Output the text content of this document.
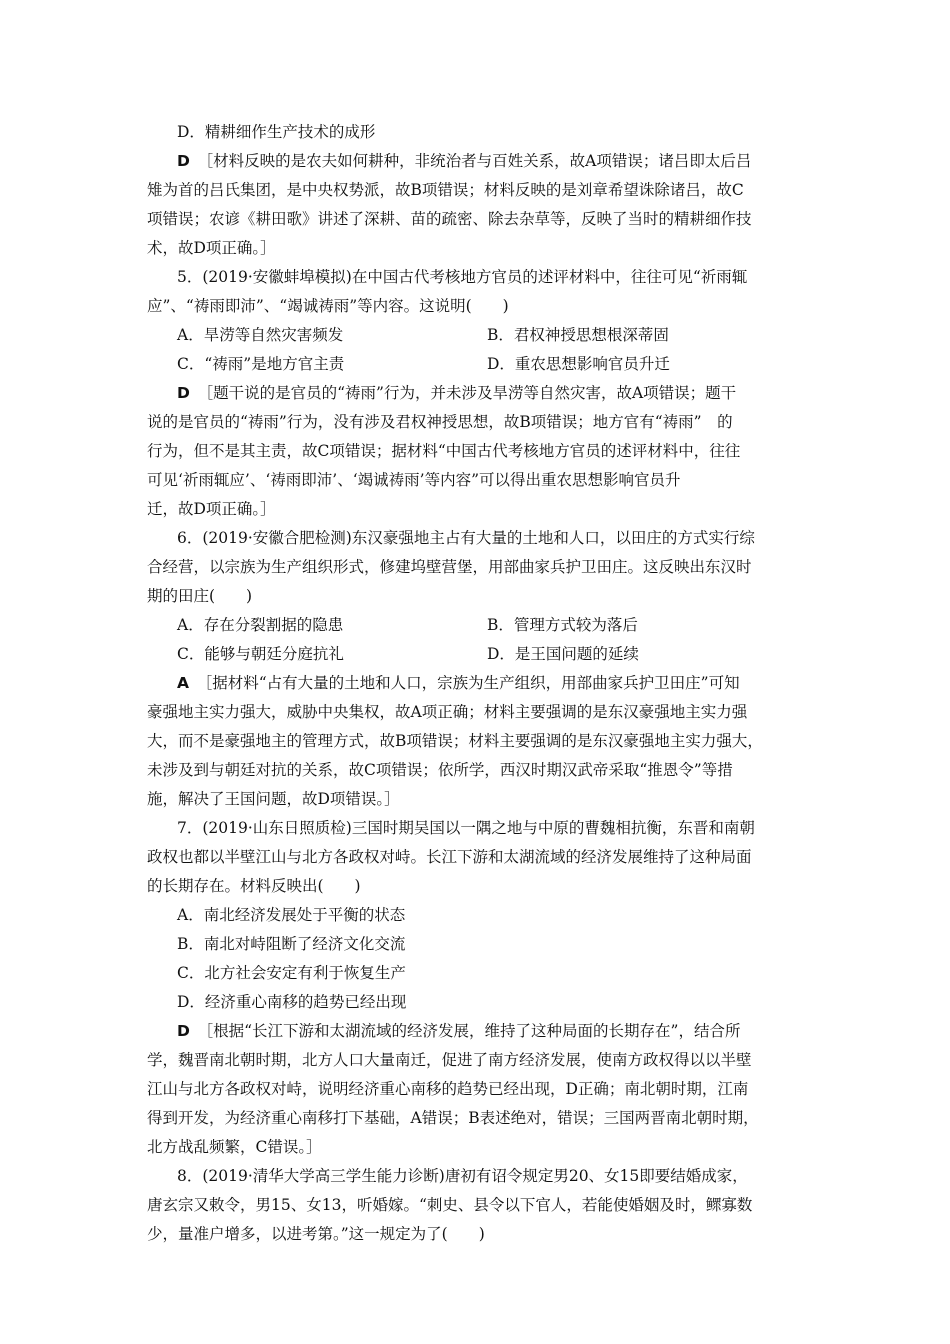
D．精耕细作生产技术的成形
D  ［材料反映的是农夫如何耕种，非统治者与百姓关系，故A项错误；诸吕即太后吕
雉为首的吕氏集团，是中央权势派，故B项错误；材料反映的是刘章希望诛除诸吕，故C
项错误；农谚《耕田歌》讲述了深耕、苗的疏密、除去杂草等，反映了当时的精耕细作技
术，故D项正确。］
5．(2019·安徽蚌埠模拟)在中国古代考核地方官员的述评材料中，往往可见“祈雨辄
应”、“祷雨即沛”、“竭诚祷雨”等内容。这说明(　　)
A．旱涝等自然灾害频发	B．君权神授思想根深蒂固
C．“祷雨”是地方官主责	D．重农思想影响官员升迁
D  ［题干说的是官员的“祷雨”行为，并未涉及旱涝等自然灾害，故A项错误；题干
说的是官员的“祷雨”行为，没有涉及君权神授思想，故B项错误；地方官有“祷雨”　的
行为，但不是其主责，故C项错误；据材料“中国古代考核地方官员的述评材料中，往往
可见‘祈雨辄应’、‘祷雨即沛’、‘竭诚祷雨’等内容”可以得出重农思想影响官员升
迁，故D项正确。］
6．(2019·安徽合肥检测)东汉豪强地主占有大量的土地和人口，以田庄的方式实行综
合经营，以宗族为生产组织形式，修建坞壁营堡，用部曲家兵护卫田庄。这反映出东汉时
期的田庄(　　)
A．存在分裂割据的隐患	B．管理方式较为落后
C．能够与朝廷分庭抗礼	D．是王国问题的延续
A  ［据材料“占有大量的土地和人口，宗族为生产组织，用部曲家兵护卫田庄”可知
豪强地主实力强大，威胁中央集权，故A项正确；材料主要强调的是东汉豪强地主实力强
大，而不是豪强地主的管理方式，故B项错误；材料主要强调的是东汉豪强地主实力强大，
未涉及到与朝廷对抗的关系，故C项错误；依所学，西汉时期汉武帝采取“推恩令”等措
施，解决了王国问题，故D项错误。］
7．(2019·山东日照质检)三国时期吴国以一隅之地与中原的曹魏相抗衡，东晋和南朝
政权也都以半壁江山与北方各政权对峙。长江下游和太湖流域的经济发展维持了这种局面
的长期存在。材料反映出(　　)
A．南北经济发展处于平衡的状态
B．南北对峙阻断了经济文化交流
C．北方社会安定有利于恢复生产
D．经济重心南移的趋势已经出现
D  ［根据“长江下游和太湖流域的经济发展，维持了这种局面的长期存在”，结合所
学，魏晋南北朝时期，北方人口大量南迁，促进了南方经济发展，使南方政权得以以半壁
江山与北方各政权对峙，说明经济重心南移的趋势已经出现，D正确；南北朝时期，江南
得到开发，为经济重心南移打下基础，A错误；B表述绝对，错误；三国两晋南北朝时期，
北方战乱频繁，C错误。］
8．(2019·清华大学高三学生能力诊断)唐初有诏令规定男20、女15即要结婚成家，
唐玄宗又敕令，男15、女13，听婚嫁。“刺史、县令以下官人，若能使婚姻及时，鳏寡数
少，量准户增多，以进考第。”这一规定为了(　　)
